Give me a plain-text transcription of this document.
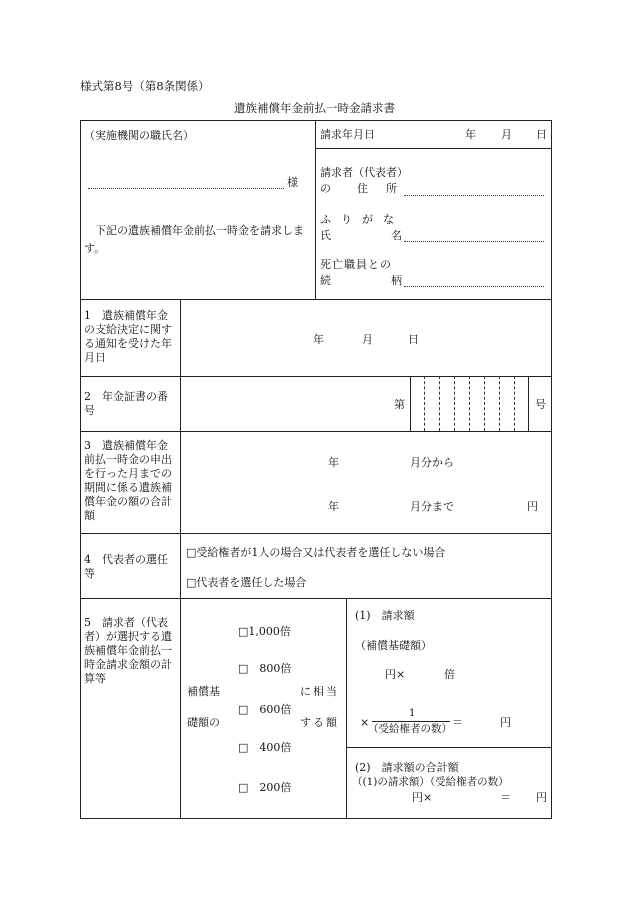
様式第8号（第8条関係）
遺族補償年金前払一時金請求書
（実施機関の職氏名）
様
下記の遺族補償年金前払一時金を請求します。
請求年月日	年 月 日
請求者（代表者）
の 住所
ふりがな
氏名
死亡職員との
続柄
1　遺族補償年金の支給決定に関する通知を受けた年月日
年	月	日
2　年金証書の番号	第	号
3　遺族補償年金前払一時金の申出を行った月までの期間に係る遺族補償年金の額の合計額
年	月分から
年	月分まで	円
4　代表者の選任等
□受給権者が1人の場合又は代表者を選任しない場合
□代表者を選任した場合
5　請求者（代表者）が選択する遺族補償年金前払一時金請求金額の計算等
□1,000倍
□　800倍
□　600倍
□　400倍
□　200倍
補償基
礎額の
に相当
する額
(1)　請求額
（補償基礎額）
円×	倍
×
1
（受給権者の数） ＝	円
(2)　請求額の合計額
（(1)の請求額）（受給権者の数）
円×	＝ 円
